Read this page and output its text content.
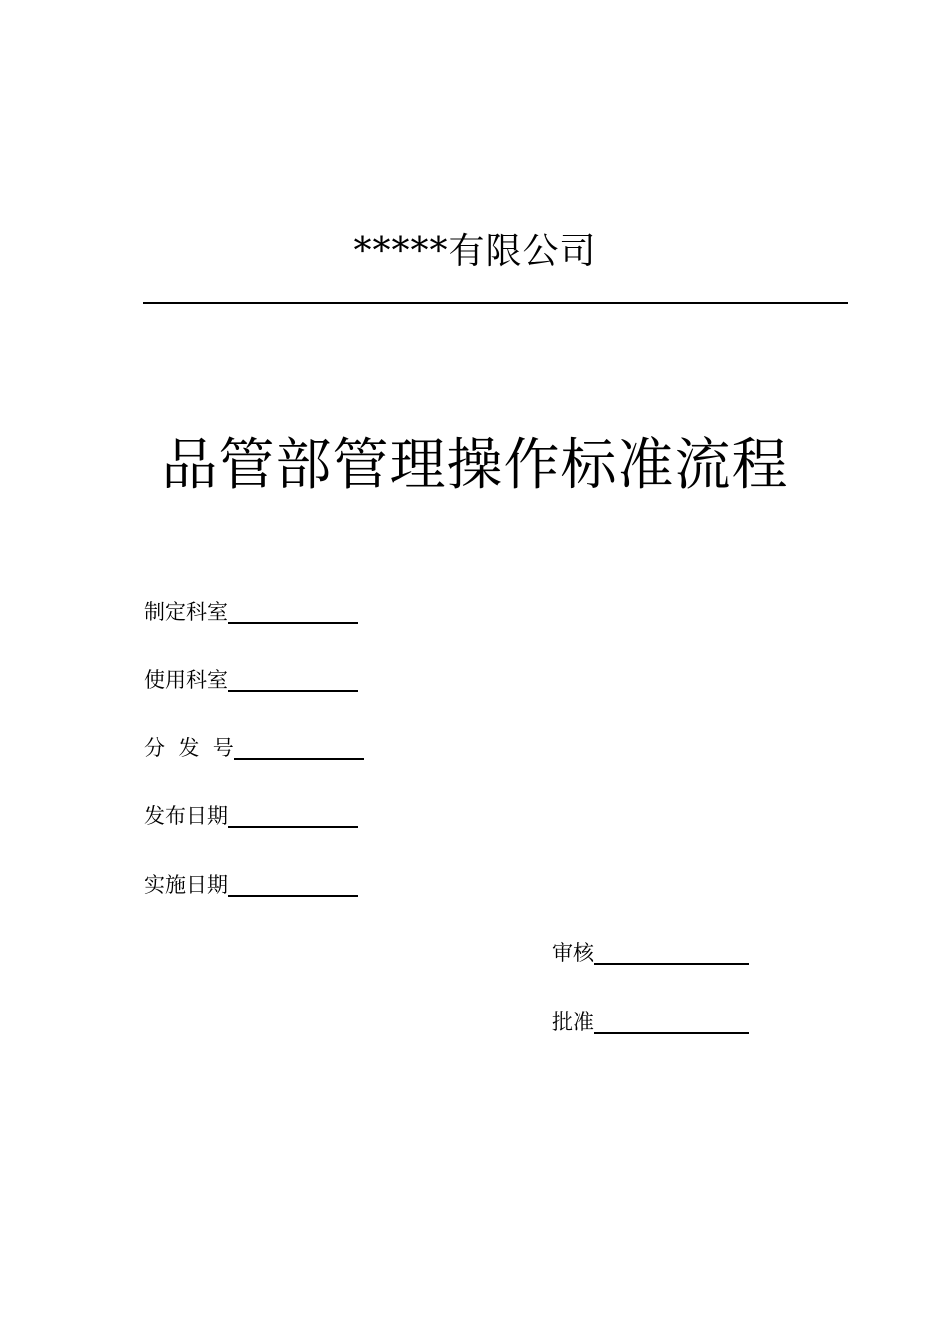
*****有限公司
品管部管理操作标准流程
制定科室
使用科室
分  发  号
发布日期
实施日期
审核
批准
